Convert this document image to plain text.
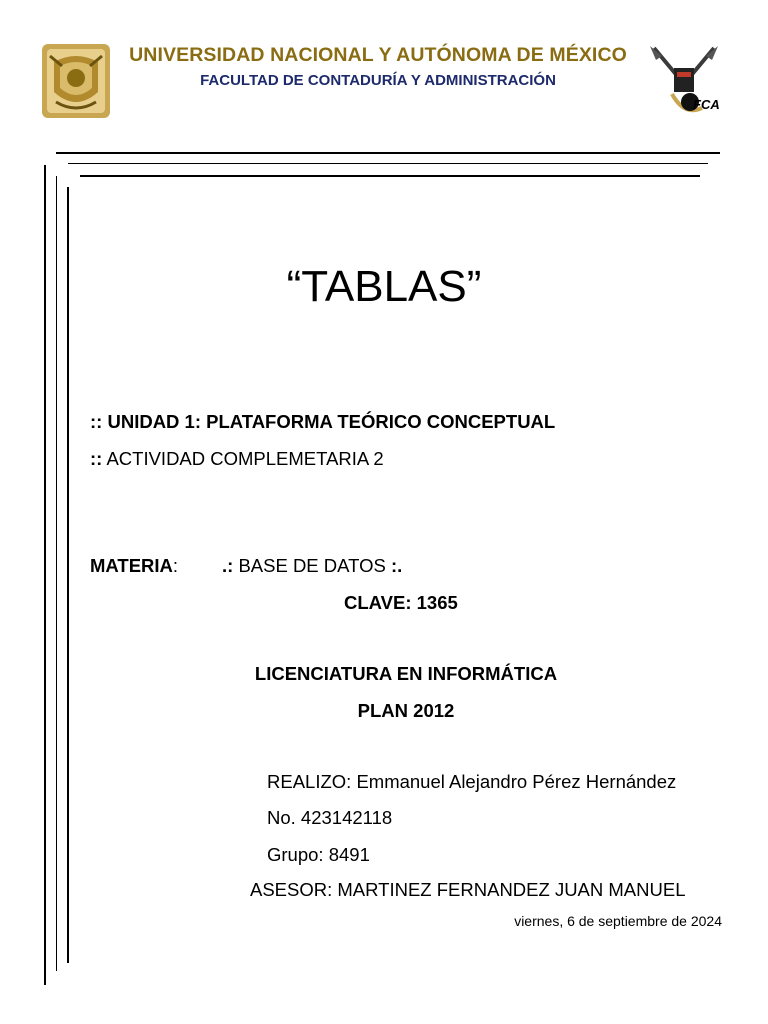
UNIVERSIDAD NACIONAL Y AUTÓNOMA DE MÉXICO
FACULTAD DE CONTADURÍA Y ADMINISTRACIÓN
FCA
“TABLAS”
:: UNIDAD 1: PLATAFORMA TEÓRICO CONCEPTUAL
:: ACTIVIDAD COMPLEMETARIA 2
MATERIA: .: BASE DE DATOS :.
CLAVE: 1365
LICENCIATURA EN INFORMÁTICA
PLAN 2012
REALIZO: Emmanuel Alejandro Pérez Hernández
No. 423142118
Grupo: 8491
ASESOR: MARTINEZ FERNANDEZ JUAN MANUEL
viernes, 6 de septiembre de 2024
